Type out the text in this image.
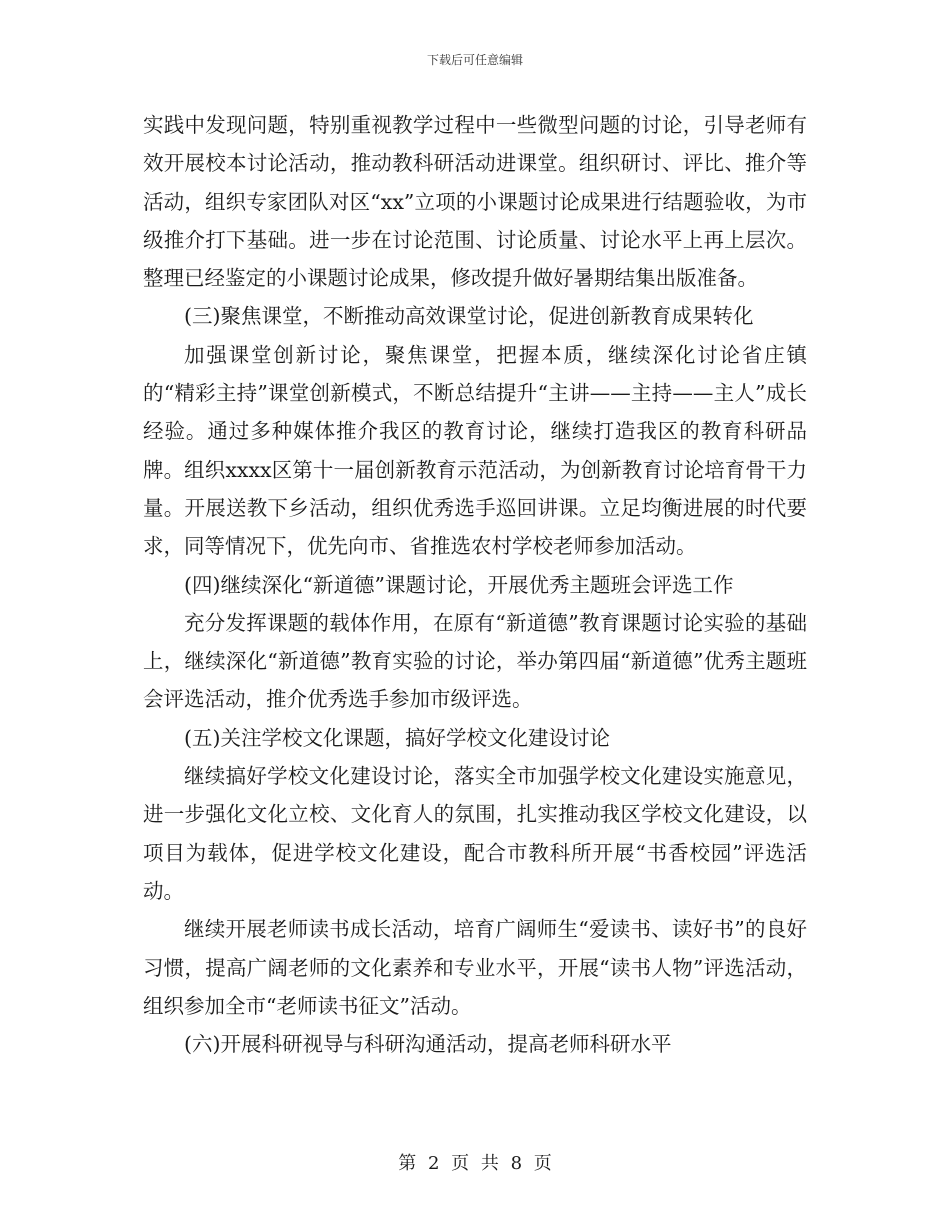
下载后可任意编辑

实践中发现问题，特别重视教学过程中一些微型问题的讨论，引导老师有效开展校本讨论活动，推动教科研活动进课堂。组织研讨、评比、推介等活动，组织专家团队对区“xx”立项的小课题讨论成果进行结题验收，为市级推介打下基础。进一步在讨论范围、讨论质量、讨论水平上再上层次。整理已经鉴定的小课题讨论成果，修改提升做好暑期结集出版准备。

(三)聚焦课堂，不断推动高效课堂讨论，促进创新教育成果转化

加强课堂创新讨论，聚焦课堂，把握本质，继续深化讨论省庄镇的“精彩主持”课堂创新模式，不断总结提升“主讲——主持——主人”成长经验。通过多种媒体推介我区的教育讨论，继续打造我区的教育科研品牌。组织xxxx区第十一届创新教育示范活动，为创新教育讨论培育骨干力量。开展送教下乡活动，组织优秀选手巡回讲课。立足均衡进展的时代要求，同等情况下，优先向市、省推选农村学校老师参加活动。

(四)继续深化“新道德”课题讨论，开展优秀主题班会评选工作

充分发挥课题的载体作用，在原有“新道德”教育课题讨论实验的基础上，继续深化“新道德”教育实验的讨论，举办第四届“新道德”优秀主题班会评选活动，推介优秀选手参加市级评选。

(五)关注学校文化课题，搞好学校文化建设讨论

继续搞好学校文化建设讨论，落实全市加强学校文化建设实施意见，进一步强化文化立校、文化育人的氛围，扎实推动我区学校文化建设，以项目为载体，促进学校文化建设，配合市教科所开展“书香校园”评选活动。

继续开展老师读书成长活动，培育广阔师生“爱读书、读好书”的良好习惯，提高广阔老师的文化素养和专业水平，开展“读书人物”评选活动，组织参加全市“老师读书征文”活动。

(六)开展科研视导与科研沟通活动，提高老师科研水平

第 2 页 共 8 页
